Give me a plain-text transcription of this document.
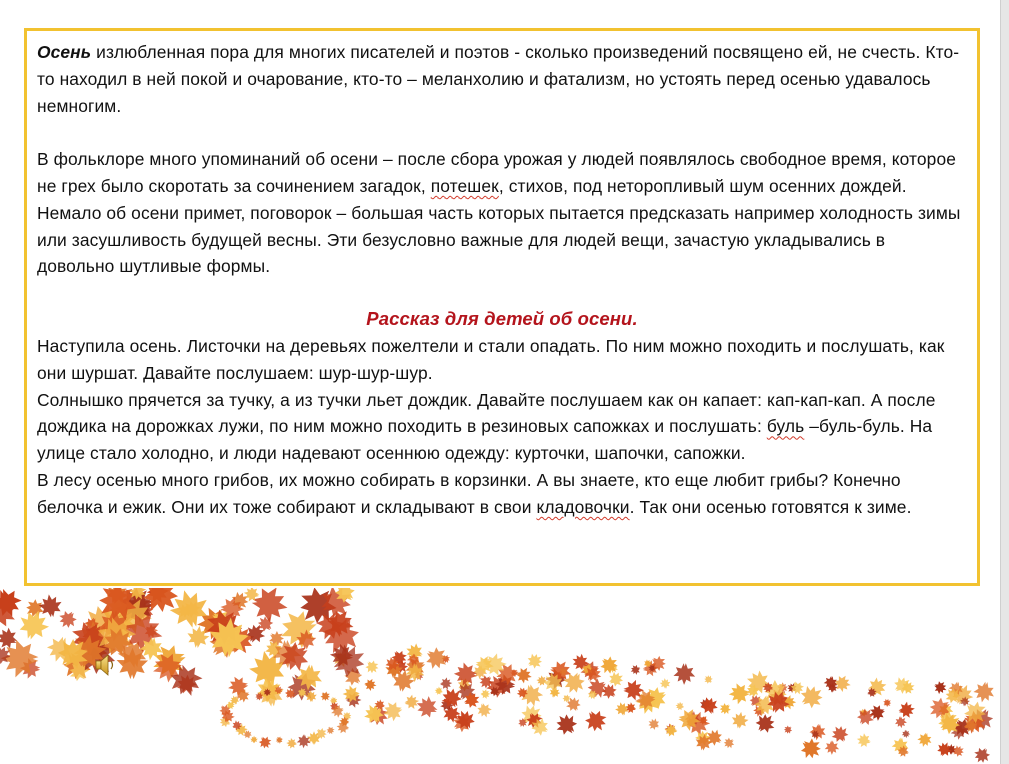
Осень излюбленная пора для многих писателей и поэтов - сколько произведений посвящено ей, не счесть. Кто-то находил в ней покой и очарование, кто-то – меланхолию и фатализм, но устоять перед осенью удавалось немногим.

В фольклоре много упоминаний об осени – после сбора урожая у людей появлялось свободное время, которое не грех было скоротать за сочинением загадок, потешек, стихов, под неторопливый шум осенних дождей. Немало об осени примет, поговорок – большая часть которых пытается предсказать например холодность зимы или засушливость будущей весны. Эти безусловно важные для людей вещи, зачастую укладывались в довольно шутливые формы.

Рассказ для детей об осени.

Наступила осень. Листочки на деревьях пожелтели и стали опадать. По ним можно походить и послушать, как они шуршат. Давайте послушаем: шур-шур-шур.

Солнышко прячется за тучку, а из тучки льет дождик. Давайте послушаем как он капает: кап-кап-кап. А после дождика на дорожках лужи, по ним можно походить в резиновых сапожках и послушать: буль –буль-буль. На улице стало холодно, и люди надевают осеннюю одежду: курточки, шапочки, сапожки.

В лесу осенью много грибов, их можно собирать в корзинки. А вы знаете, кто еще любит грибы? Конечно белочка и ежик. Они их тоже собирают и складывают в свои кладовочки. Так они осенью готовятся к зиме.
